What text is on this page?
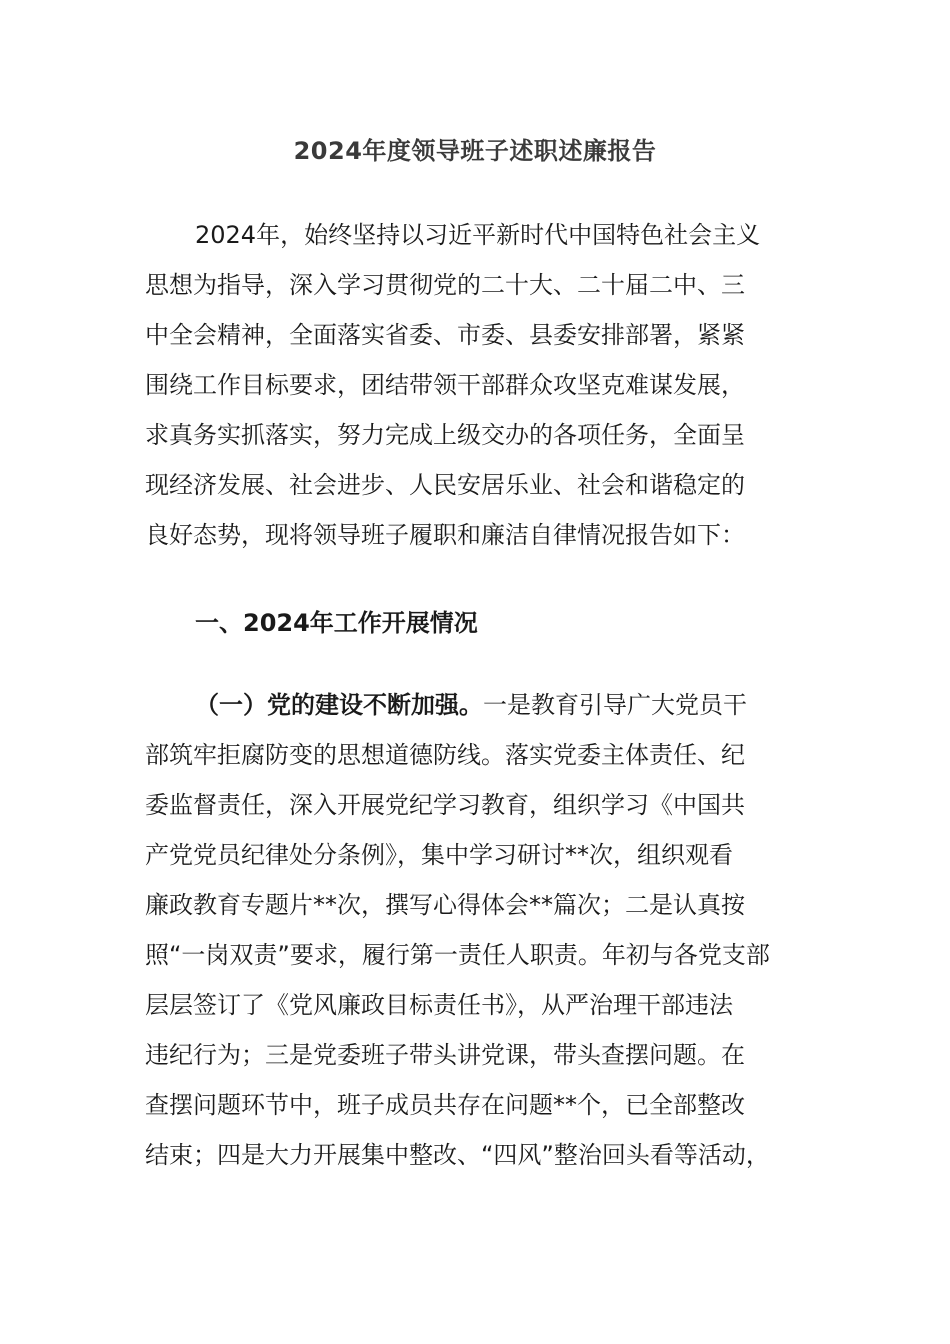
2024年度领导班子述职述廉报告
2024年，始终坚持以习近平新时代中国特色社会主义
思想为指导，深入学习贯彻党的二十大、二十届二中、三
中全会精神，全面落实省委、市委、县委安排部署，紧紧
围绕工作目标要求，团结带领干部群众攻坚克难谋发展，
求真务实抓落实，努力完成上级交办的各项任务，全面呈
现经济发展、社会进步、人民安居乐业、社会和谐稳定的
良好态势，现将领导班子履职和廉洁自律情况报告如下：
一、2024年工作开展情况
（一）党的建设不断加强。一是教育引导广大党员干
部筑牢拒腐防变的思想道德防线。落实党委主体责任、纪
委监督责任，深入开展党纪学习教育，组织学习《中国共
产党党员纪律处分条例》，集中学习研讨**次，组织观看
廉政教育专题片**次，撰写心得体会**篇次；二是认真按
照“一岗双责”要求，履行第一责任人职责。年初与各党支部
层层签订了《党风廉政目标责任书》，从严治理干部违法
违纪行为；三是党委班子带头讲党课，带头查摆问题。在
查摆问题环节中，班子成员共存在问题**个，已全部整改
结束；四是大力开展集中整改、“四风”整治回头看等活动，
